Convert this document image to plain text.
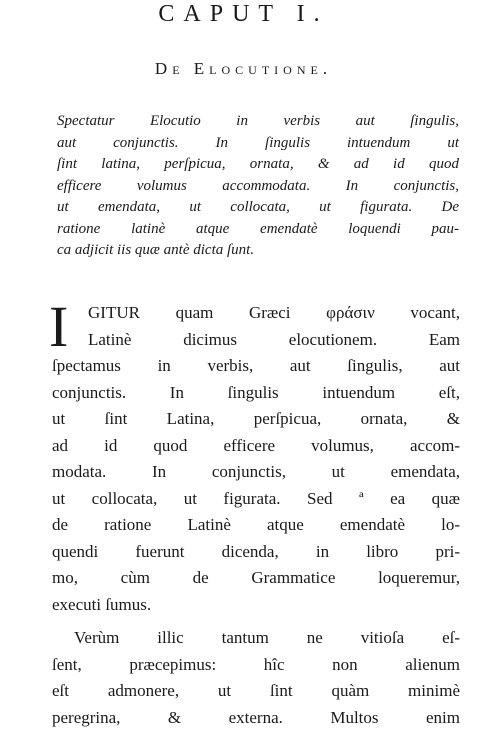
CAPUT I.
De Elocutione.
Spectatur Elocutio in verbis aut ſingulis,
aut conjunctis. In ſingulis intuendum ut
ſint latina, perſpicua, ornata, & ad id quod
efficere volumus accommodata. In conjunctis,
ut emendata, ut collocata, ut figurata. De
ratione latinè atque emendatè loquendi pau-
ca adjicit iis quæ antè dicta ſunt.
I	GITUR quam Græci φράσιν vocant,
Latinè dicimus elocutionem. Eam
ſpectamus in verbis, aut ſingulis, aut
conjunctis. In ſingulis intuendum eſt,
ut ſint Latina, perſpicua, ornata, &
ad id quod efficere volumus, accom-
modata. In conjunctis, ut emendata,
ut collocata, ut figurata. Sed ª ea quæ
de ratione Latinè atque emendatè lo-
quendi fuerunt dicenda, in libro pri-
mo, cùm de Grammatice loqueremur,
executi ſumus.
Verùm illic tantum ne vitioſa eſ-
ſent, præcepimus: hîc non alienum
eſt admonere, ut ſint quàm minimè
peregrina, & externa. Multos enim
